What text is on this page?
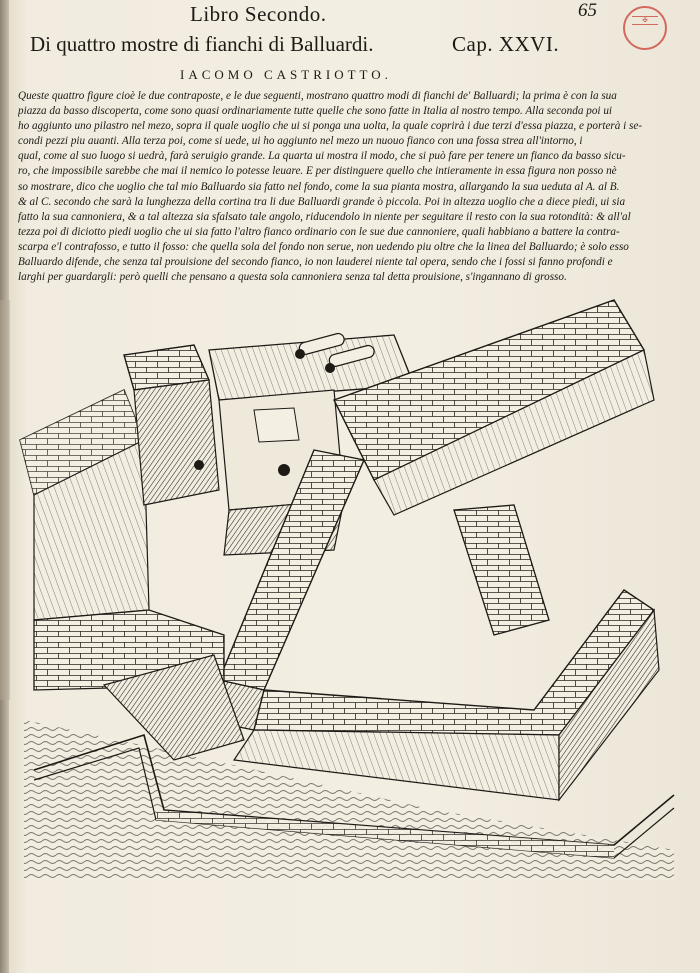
Libro Secondo.	65	✠
Di quattro mostre di fianchi di Balluardi.	Cap. XXVI.
IACOMO CASTRIOTTO.
Queste quattro figure cioè le due contraposte, e le due seguenti, mostrano quattro modi di fianchi de' Balluardi; la prima è con la sua
piazza da basso discoperta, come sono quasi ordinariamente tutte quelle che sono fatte in Italia al nostro tempo. Alla seconda poi ui
ho aggiunto uno pilastro nel mezo, sopra il quale uoglio che ui si ponga una uolta, la quale coprirà i due terzi d'essa piazza, e porterà i se-
condi pezzi piu auanti. Alla terza poi, come si uede, ui ho aggiunto nel mezo un nuouo fianco con una fossa strea all'intorno, i
qual, come al suo luogo si uedrà, farà seruigio grande. La quarta ui mostra il modo, che si può fare per tenere un fianco da basso sicu-
ro, che impossibile sarebbe che mai il nemico lo potesse leuare. E per distinguere quello che intieramente in essa figura non posso nè
so mostrare, dico che uoglio che tal mio Balluardo sia fatto nel fondo, come la sua pianta mostra, allargando la sua ueduta al A. al B.
& al C. secondo che sarà la lunghezza della cortina tra li due Balluardi grande ò piccola. Poi in altezza uoglio che a diece piedi, ui sia
fatto la sua cannoniera, & a tal altezza sia sfalsato tale angolo, riducendolo in niente per seguitare il resto con la sua rotondità: & all'al
tezza poi di diciotto piedi uoglio che ui sia fatto l'altro fianco ordinario con le sue due cannoniere, quali habbiano a battere la contra-
scarpa e'l contrafosso, e tutto il fosso: che quella sola del fondo non serue, non uedendo piu oltre che la linea del Balluardo; è solo esso
Balluardo difende, che senza tal prouisione del secondo fianco, io non lauderei niente tal opera, sendo che i fossi si fanno profondi e
larghi per guardargli: però quelli che pensano a questa sola cannoniera senza tal detta prouisione, s'ingannano di grosso.
